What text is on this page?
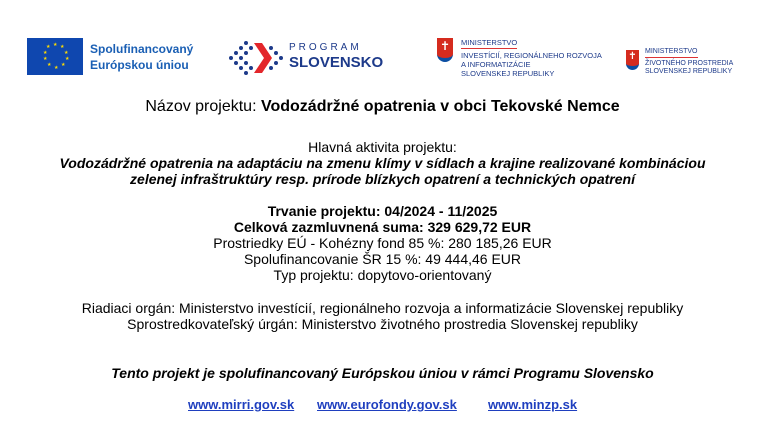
★ ★
★
★
★
★
★
★
★
★	Spolufinancovaný
Európskou úniou
PROGRAM
SLOVENSKO
✝	MINISTERSTVO
INVESTÍCIÍ, REGIONÁLNEHO ROZVOJA
A INFORMATIZÁCIE
SLOVENSKEJ REPUBLIKY
✝	MINISTERSTVO
ŽIVOTNÉHO PROSTREDIA
SLOVENSKEJ REPUBLIKY
Názov projektu: Vodozádržné opatrenia v obci Tekovské Nemce
Hlavná aktivita projektu:
Vodozádržné opatrenia na adaptáciu na zmenu klímy v sídlach a krajine realizované kombináciou
zelenej infraštruktúry resp. prírode blízkych opatrení a technických opatrení
Trvanie projektu: 04/2024 - 11/2025
Celková zazmluvnená suma: 329 629,72 EUR
Prostriedky EÚ - Kohézny fond 85 %: 280 185,26 EUR
Spolufinancovanie ŠR 15 %: 49 444,46 EUR
Typ projektu: dopytovo-orientovaný
Riadiaci orgán: Ministerstvo investícií, regionálneho rozvoja a informatizácie Slovenskej republiky
Sprostredkovateľský úrgán: Ministerstvo životného prostredia Slovenskej republiky
Tento projekt je spolufinancovaný Európskou úniou v rámci Programu Slovensko
www.mirri.gov.sk www.eurofondy.gov.sk www.minzp.sk
